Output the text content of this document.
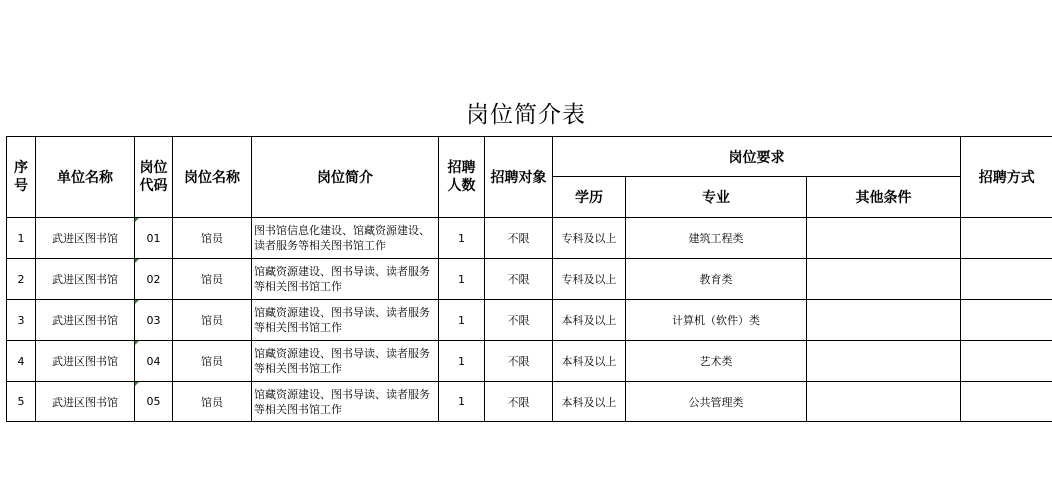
岗位简介表
序号	单位名称	岗位代码	岗位名称	岗位简介	招聘人数	招聘对象	岗位要求			招聘方式
							学历	专业	其他条件	
1	武进区图书馆	01	馆员	图书馆信息化建设、馆藏资源建设、读者服务等相关图书馆工作	1	不限	专科及以上	建筑工程类		
2	武进区图书馆	02	馆员	馆藏资源建设、图书导读、读者服务等相关图书馆工作	1	不限	专科及以上	教育类		
3	武进区图书馆	03	馆员	馆藏资源建设、图书导读、读者服务等相关图书馆工作	1	不限	本科及以上	计算机（软件）类		
4	武进区图书馆	04	馆员	馆藏资源建设、图书导读、读者服务等相关图书馆工作	1	不限	本科及以上	艺术类		
5	武进区图书馆	05	馆员	馆藏资源建设、图书导读、读者服务等相关图书馆工作	1	不限	本科及以上	公共管理类		
